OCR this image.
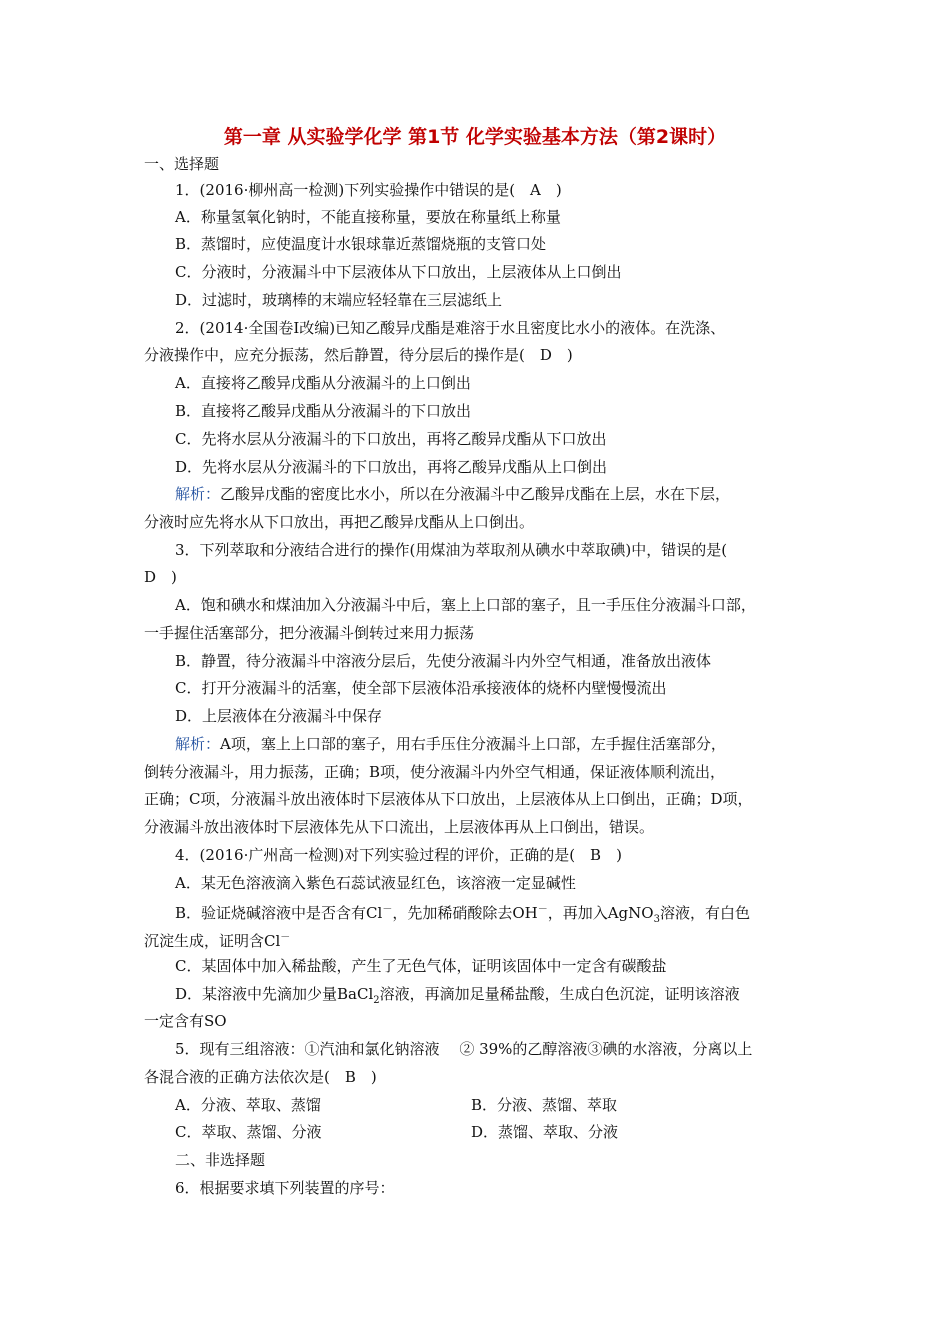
第一章 从实验学化学 第1节 化学实验基本方法（第2课时）
一、选择题
1．(2016·柳州高一检测)下列实验操作中错误的是(　A　)
A．称量氢氧化钠时，不能直接称量，要放在称量纸上称量
B．蒸馏时，应使温度计水银球靠近蒸馏烧瓶的支管口处
C．分液时，分液漏斗中下层液体从下口放出，上层液体从上口倒出
D．过滤时，玻璃棒的末端应轻轻靠在三层滤纸上
2．(2014·全国卷Ⅰ改编)已知乙酸异戊酯是难溶于水且密度比水小的液体。在洗涤、
分液操作中，应充分振荡，然后静置，待分层后的操作是(　D　)
A．直接将乙酸异戊酯从分液漏斗的上口倒出
B．直接将乙酸异戊酯从分液漏斗的下口放出
C．先将水层从分液漏斗的下口放出，再将乙酸异戊酯从下口放出
D．先将水层从分液漏斗的下口放出，再将乙酸异戊酯从上口倒出
解析：乙酸异戊酯的密度比水小，所以在分液漏斗中乙酸异戊酯在上层，水在下层，
分液时应先将水从下口放出，再把乙酸异戊酯从上口倒出。
3．下列萃取和分液结合进行的操作(用煤油为萃取剂从碘水中萃取碘)中，错误的是(
D　)
A．饱和碘水和煤油加入分液漏斗中后，塞上上口部的塞子，且一手压住分液漏斗口部，
一手握住活塞部分，把分液漏斗倒转过来用力振荡
B．静置，待分液漏斗中溶液分层后，先使分液漏斗内外空气相通，准备放出液体
C．打开分液漏斗的活塞，使全部下层液体沿承接液体的烧杯内壁慢慢流出
D．上层液体在分液漏斗中保存
解析：A项，塞上上口部的塞子，用右手压住分液漏斗上口部，左手握住活塞部分，
倒转分液漏斗，用力振荡，正确；B项，使分液漏斗内外空气相通，保证液体顺利流出，
正确；C项，分液漏斗放出液体时下层液体从下口放出，上层液体从上口倒出，正确；D项，
分液漏斗放出液体时下层液体先从下口流出，上层液体再从上口倒出，错误。
4．(2016·广州高一检测)对下列实验过程的评价，正确的是(　B　)
A．某无色溶液滴入紫色石蕊试液显红色，该溶液一定显碱性
B．验证烧碱溶液中是否含有Cl－，先加稀硝酸除去OH－，再加入AgNO$_3$溶液，有白色
沉淀生成，证明含Cl－
C．某固体中加入稀盐酸，产生了无色气体，证明该固体中一定含有碳酸盐
D．某溶液中先滴加少量BaCl$_2$溶液，再滴加足量稀盐酸，生成白色沉淀，证明该溶液
一定含有SO
5．现有三组溶液：①汽油和氯化钠溶液　 ② 39%的乙醇溶液③碘的水溶液，分离以上
各混合液的正确方法依次是(　B　)
A．分液、萃取、蒸馏	B．分液、蒸馏、萃取
C．萃取、蒸馏、分液	D．蒸馏、萃取、分液
二、非选择题
6．根据要求填下列装置的序号：
